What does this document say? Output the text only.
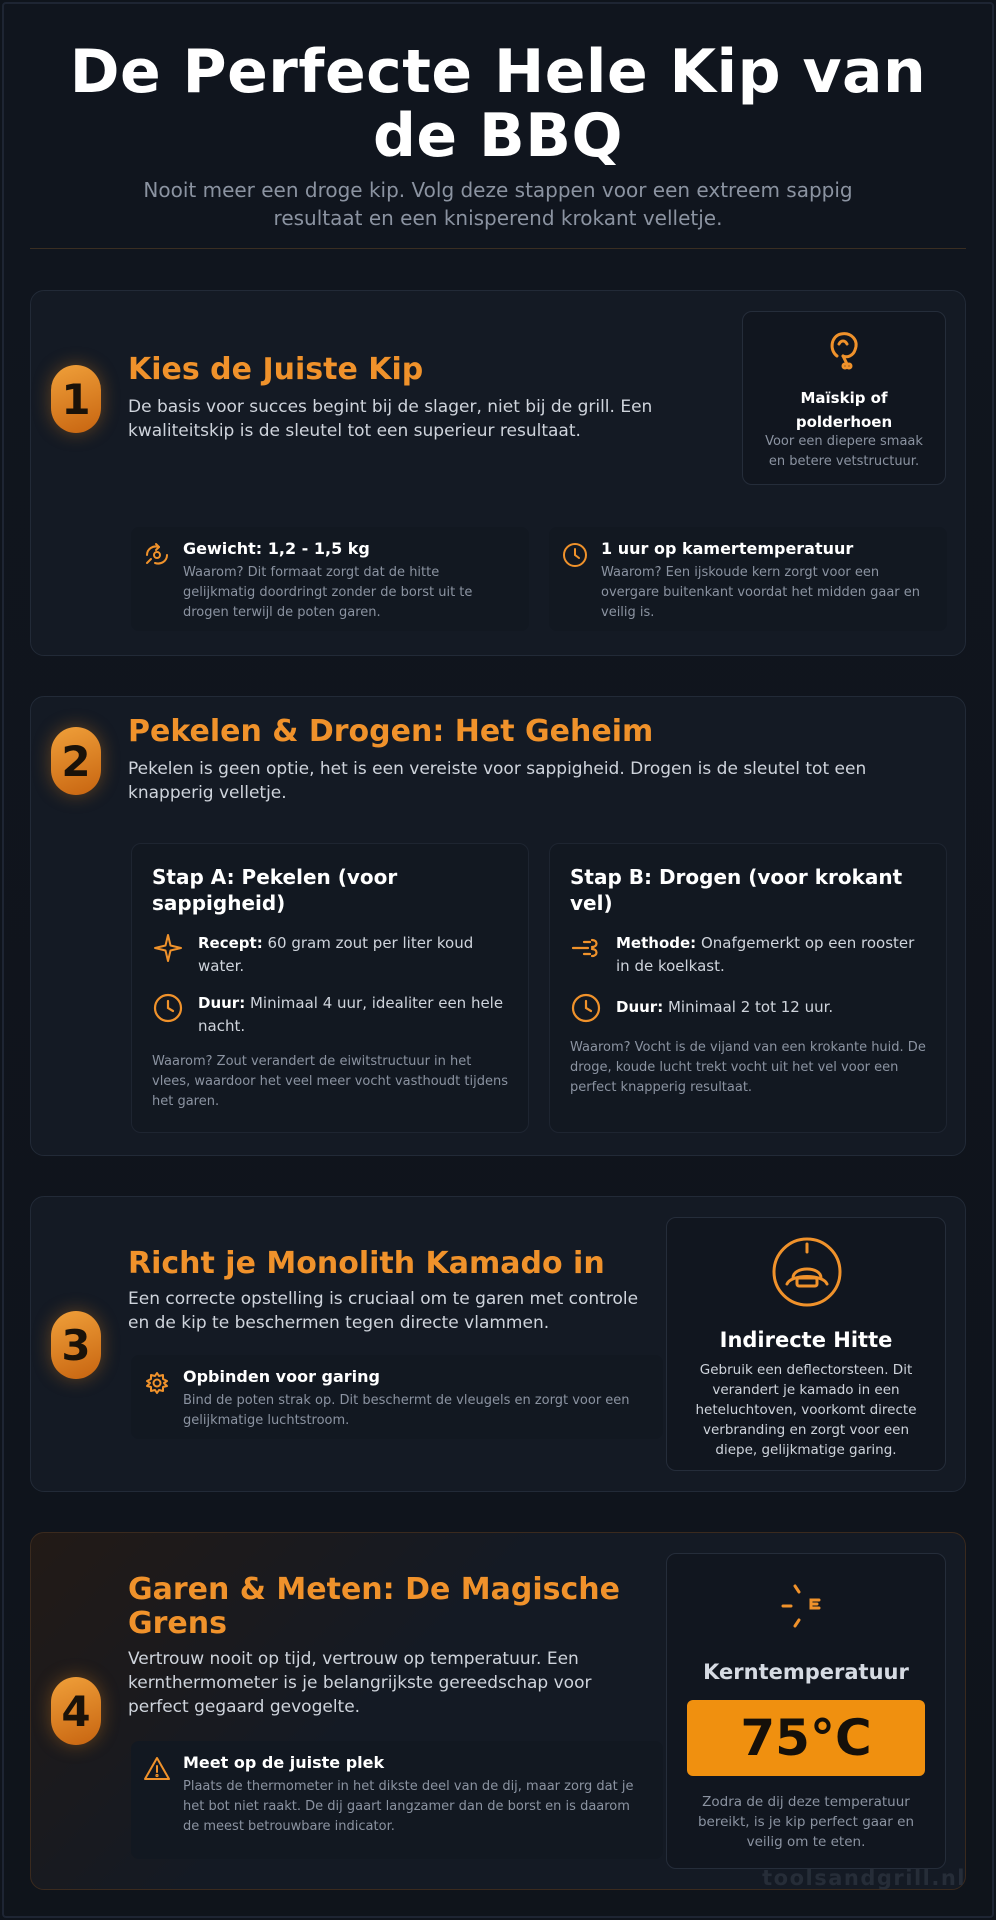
De Perfecte Hele Kip van de BBQ

Nooit meer een droge kip. Volg deze stappen voor een extreem sappig resultaat en een knisperend krokant velletje.

1
Kies de Juiste Kip

De basis voor succes begint bij de slager, niet bij de grill. Een kwaliteitskip is de sleutel tot een superieur resultaat.

Maïskip of polderhoen
Voor een diepere smaak en betere vetstructuur.
Gewicht: 1,2 - 1,5 kg
Waarom? Dit formaat zorgt dat de hitte gelijkmatig doordringt zonder de borst uit te drogen terwijl de poten garen.
1 uur op kamertemperatuur
Waarom? Een ijskoude kern zorgt voor een overgare buitenkant voordat het midden gaar en veilig is.
2
Pekelen & Drogen: Het Geheim

Pekelen is geen optie, het is een vereiste voor sappigheid. Drogen is de sleutel tot een knapperig velletje.

Stap A: Pekelen (voor sappigheid)
Recept: 60 gram zout per liter koud water.
Duur: Minimaal 4 uur, idealiter een hele nacht.
Waarom? Zout verandert de eiwitstructuur in het vlees, waardoor het veel meer vocht vasthoudt tijdens het garen.
Stap B: Drogen (voor krokant vel)
Methode: Onafgemerkt op een rooster in de koelkast.
Duur: Minimaal 2 tot 12 uur.
Waarom? Vocht is de vijand van een krokante huid. De droge, koude lucht trekt vocht uit het vel voor een perfect knapperig resultaat.
3
Richt je Monolith Kamado in

Een correcte opstelling is cruciaal om te garen met controle en de kip te beschermen tegen directe vlammen.

Opbinden voor garing
Bind de poten strak op. Dit beschermt de vleugels en zorgt voor een gelijkmatige luchtstroom.
Indirecte Hitte
Gebruik een deflectorsteen. Dit verandert je kamado in een heteluchtoven, voorkomt directe verbranding en zorgt voor een diepe, gelijkmatige garing.
4
Garen & Meten: De Magische Grens

Vertrouw nooit op tijd, vertrouw op temperatuur. Een kernthermometer is je belangrijkste gereedschap voor perfect gegaard gevogelte.

Meet op de juiste plek
Plaats de thermometer in het dikste deel van de dij, maar zorg dat je het bot niet raakt. De dij gaart langzamer dan de borst en is daarom de meest betrouwbare indicator.
Kerntemperatuur
75°C
Zodra de dij deze temperatuur bereikt, is je kip perfect gaar en veilig om te eten.
toolsandgrill.nl
